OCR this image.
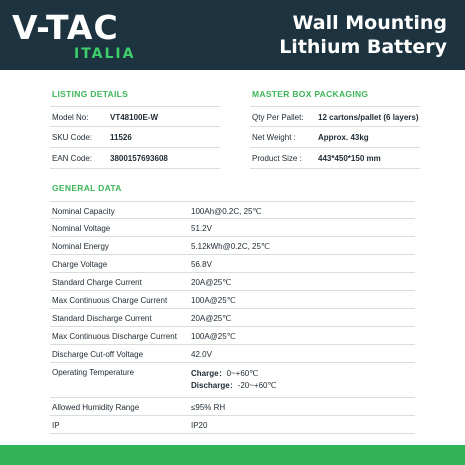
V-TAC
ITALIA
Wall Mounting
Lithium Battery
LISTING DETAILS	MASTER BOX PACKAGING
Model No:	VT48100E-W
SKU Code: 11526
EAN Code: 3800157693608
Qty Per Pallet: 12 cartons/pallet (6 layers)
Net Weight :	Approx. 43kg
Product Size : 443*450*150 mm
GENERAL DATA
Nominal Capacity	100Ah@0.2C, 25℃
Nominal Voltage	51.2V
Nominal Energy	5.12kWh@0.2C, 25℃
Charge Voltage	56.8V
Standard Charge Current	20A@25℃
Max Continuous Charge Current	100A@25℃
Standard Discharge Current	20A@25℃
Max Continuous Discharge Current 100A@25℃
Discharge Cut-off Voltage	42.0V
Operating Temperature	Charge：0~+60℃
Discharge：-20~+60℃
Allowed Humidity Range	≤95% RH
IP	IP20
